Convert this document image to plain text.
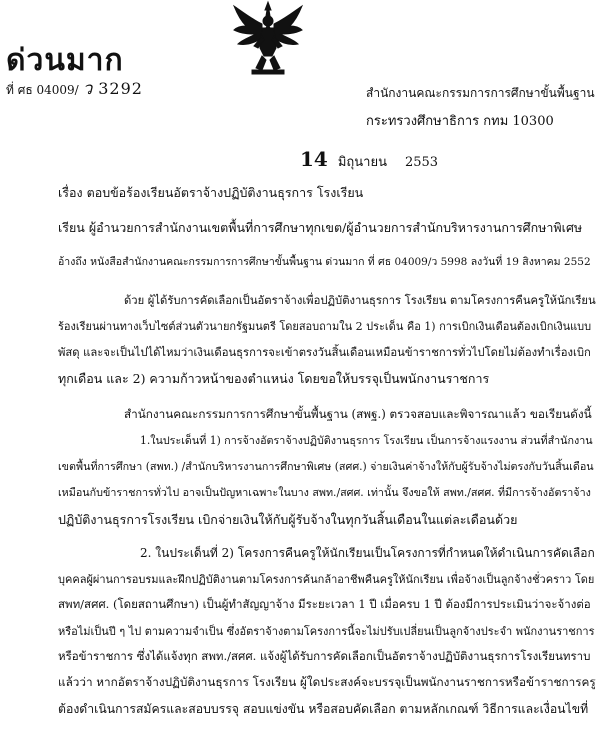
ด่วนมาก
ที่ ศธ 04009/ ว 3292	สำนักงานคณะกรรมการการศึกษาขั้นพื้นฐาน
กระทรวงศึกษาธิการ กทม 10300
14 มิถุนายน 2553
เรื่อง ตอบข้อร้องเรียนอัตราจ้างปฏิบัติงานธุรการ โรงเรียน
เรียน ผู้อำนวยการสำนักงานเขตพื้นที่การศึกษาทุกเขต/ผู้อำนวยการสำนักบริหารงานการศึกษาพิเศษ
อ้างถึง หนังสือสำนักงานคณะกรรมการการศึกษาขั้นพื้นฐาน ด่วนมาก ที่ ศธ 04009/ว 5998 ลงวันที่ 19 สิงหาคม 2552
ด้วย ผู้ได้รับการคัดเลือกเป็นอัตราจ้างเพื่อปฏิบัติงานธุรการ โรงเรียน ตามโครงการคืนครูให้นักเรียน
ร้องเรียนผ่านทางเว็บไซต์ส่วนตัวนายกรัฐมนตรี โดยสอบถามใน 2 ประเด็น คือ 1) การเบิกเงินเดือนต้องเบิกเงินแบบ
พัสดุ และจะเป็นไปได้ไหมว่าเงินเดือนธุรการจะเข้าตรงวันสิ้นเดือนเหมือนข้าราชการทั่วไปโดยไม่ต้องทำเรื่องเบิก
ทุกเดือน และ 2) ความก้าวหน้าของตำแหน่ง โดยขอให้บรรจุเป็นพนักงานราชการ
สำนักงานคณะกรรมการการศึกษาขั้นพื้นฐาน (สพฐ.) ตรวจสอบและพิจารณาแล้ว ขอเรียนดังนี้
1.ในประเด็นที่ 1) การจ้างอัตราจ้างปฏิบัติงานธุรการ โรงเรียน เป็นการจ้างแรงงาน ส่วนที่สำนักงาน
เขตพื้นที่การศึกษา (สพท.) /สำนักบริหารงานการศึกษาพิเศษ (สศศ.) จ่ายเงินค่าจ้างให้กับผู้รับจ้างไม่ตรงกับวันสิ้นเดือน
เหมือนกับข้าราชการทั่วไป อาจเป็นปัญหาเฉพาะในบาง สพท./สศศ. เท่านั้น จึงขอให้ สพท./สศศ. ที่มีการจ้างอัตราจ้าง
ปฏิบัติงานธุรการโรงเรียน เบิกจ่ายเงินให้กับผู้รับจ้างในทุกวันสิ้นเดือนในแต่ละเดือนด้วย
2. ในประเด็นที่ 2) โครงการคืนครูให้นักเรียนเป็นโครงการที่กำหนดให้ดำเนินการคัดเลือก
บุคคลผู้ผ่านการอบรมและฝึกปฏิบัติงานตามโครงการค้นกล้าอาชีพคืนครูให้นักเรียน เพื่อจ้างเป็นลูกจ้างชั่วคราว โดย
สพท/สศศ. (โดยสถานศึกษา) เป็นผู้ทำสัญญาจ้าง มีระยะเวลา 1 ปี เมื่อครบ 1 ปี ต้องมีการประเมินว่าจะจ้างต่อ
หรือไม่เป็นปี ๆ ไป ตามความจำเป็น ซึ่งอัตราจ้างตามโครงการนี้จะไม่ปรับเปลี่ยนเป็นลูกจ้างประจำ พนักงานราชการ
หรือข้าราชการ ซึ่งได้แจ้งทุก สพท./สศศ. แจ้งผู้ได้รับการคัดเลือกเป็นอัตราจ้างปฏิบัติงานธุรการโรงเรียนทราบ
แล้วว่า หากอัตราจ้างปฏิบัติงานธุรการ โรงเรียน ผู้ใดประสงค์จะบรรจุเป็นพนักงานราชการหรือข้าราชการครู
ต้องดำเนินการสมัครและสอบบรรจุ สอบแข่งขัน หรือสอบคัดเลือก ตามหลักเกณฑ์ วิธีการและเงื่อนไขที่
